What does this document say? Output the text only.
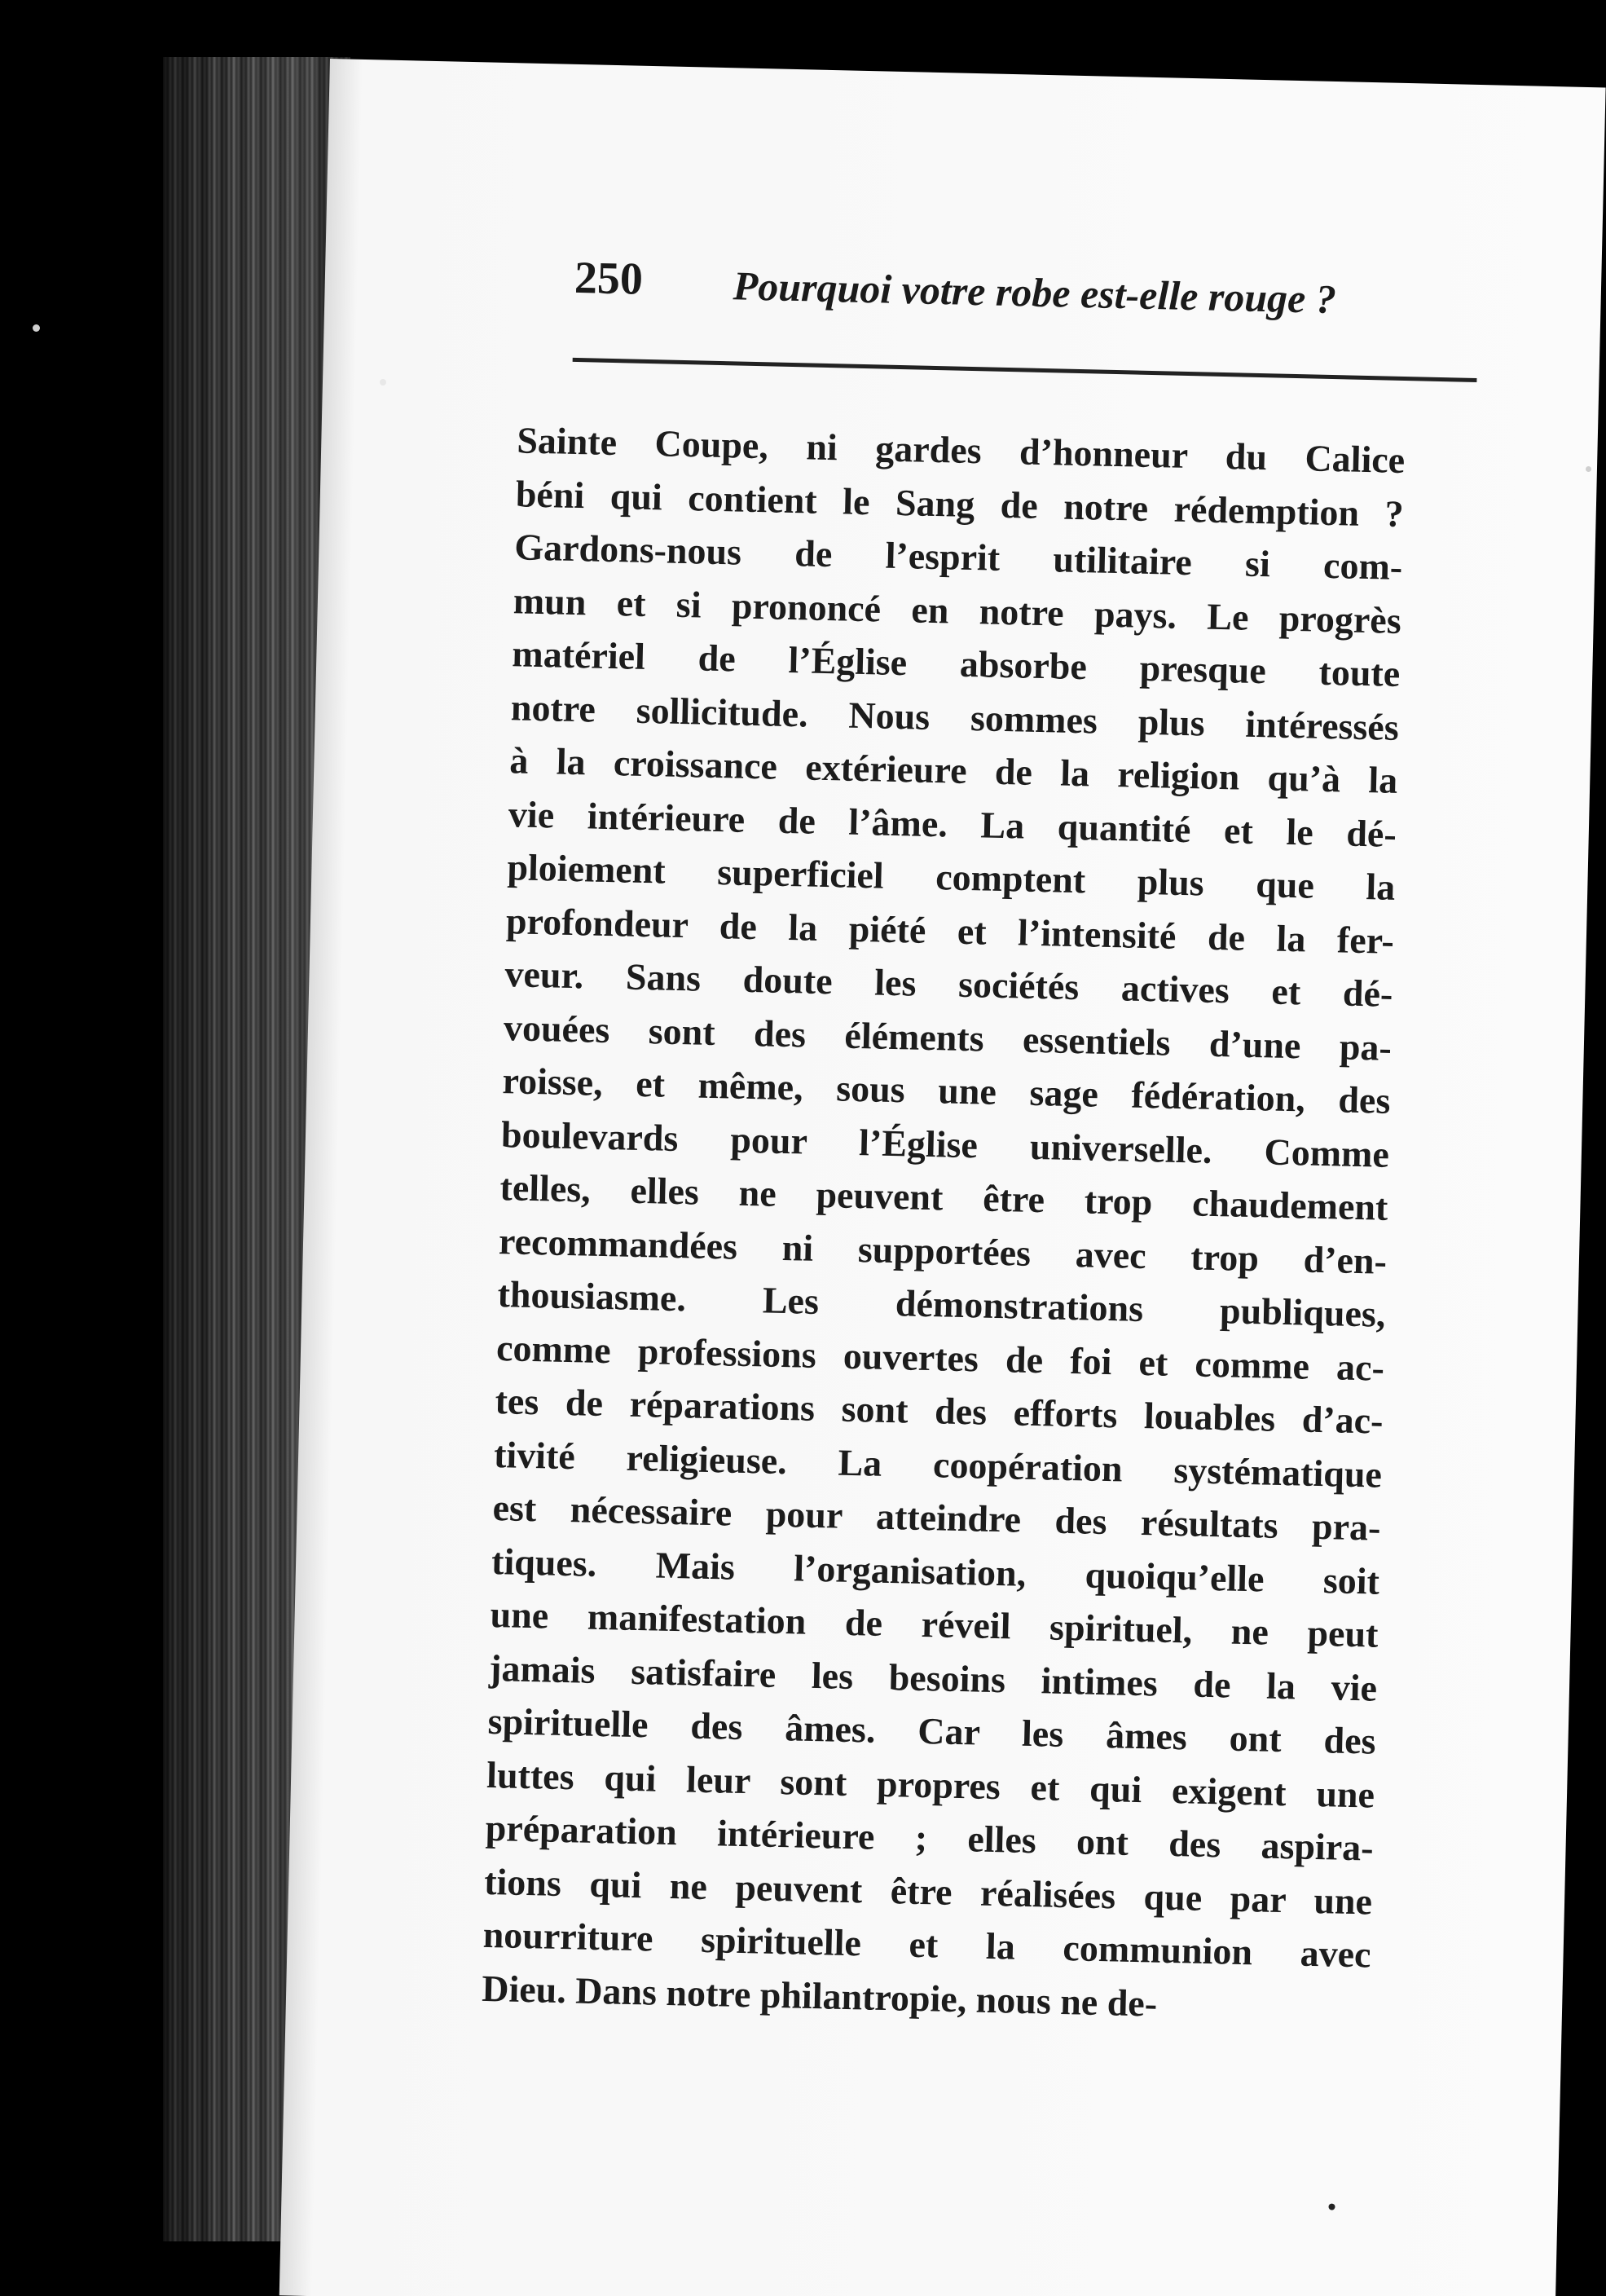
250 Pourquoi votre robe est-elle rouge ?
Sainte Coupe, ni gardes d’honneur du Calice
béni qui contient le Sang de notre rédemption ?
Gardons-nous de l’esprit utilitaire si com-
mun et si prononcé en notre pays. Le progrès
matériel de l’Église absorbe presque toute
notre sollicitude. Nous sommes plus intéressés
à la croissance extérieure de la religion qu’à la
vie intérieure de l’âme. La quantité et le dé-
ploiement superficiel comptent plus que la
profondeur de la piété et l’intensité de la fer-
veur. Sans doute les sociétés actives et dé-
vouées sont des éléments essentiels d’une pa-
roisse, et même, sous une sage fédération, des
boulevards pour l’Église universelle. Comme
telles, elles ne peuvent être trop chaudement
recommandées ni supportées avec trop d’en-
thousiasme. Les démonstrations publiques,
comme professions ouvertes de foi et comme ac-
tes de réparations sont des efforts louables d’ac-
tivité religieuse. La coopération systématique
est nécessaire pour atteindre des résultats pra-
tiques. Mais l’organisation, quoiqu’elle soit
une manifestation de réveil spirituel, ne peut
jamais satisfaire les besoins intimes de la vie
spirituelle des âmes. Car les âmes ont des
luttes qui leur sont propres et qui exigent une
préparation intérieure ; elles ont des aspira-
tions qui ne peuvent être réalisées que par une
nourriture spirituelle et la communion avec
Dieu. Dans notre philantropie, nous ne de-
